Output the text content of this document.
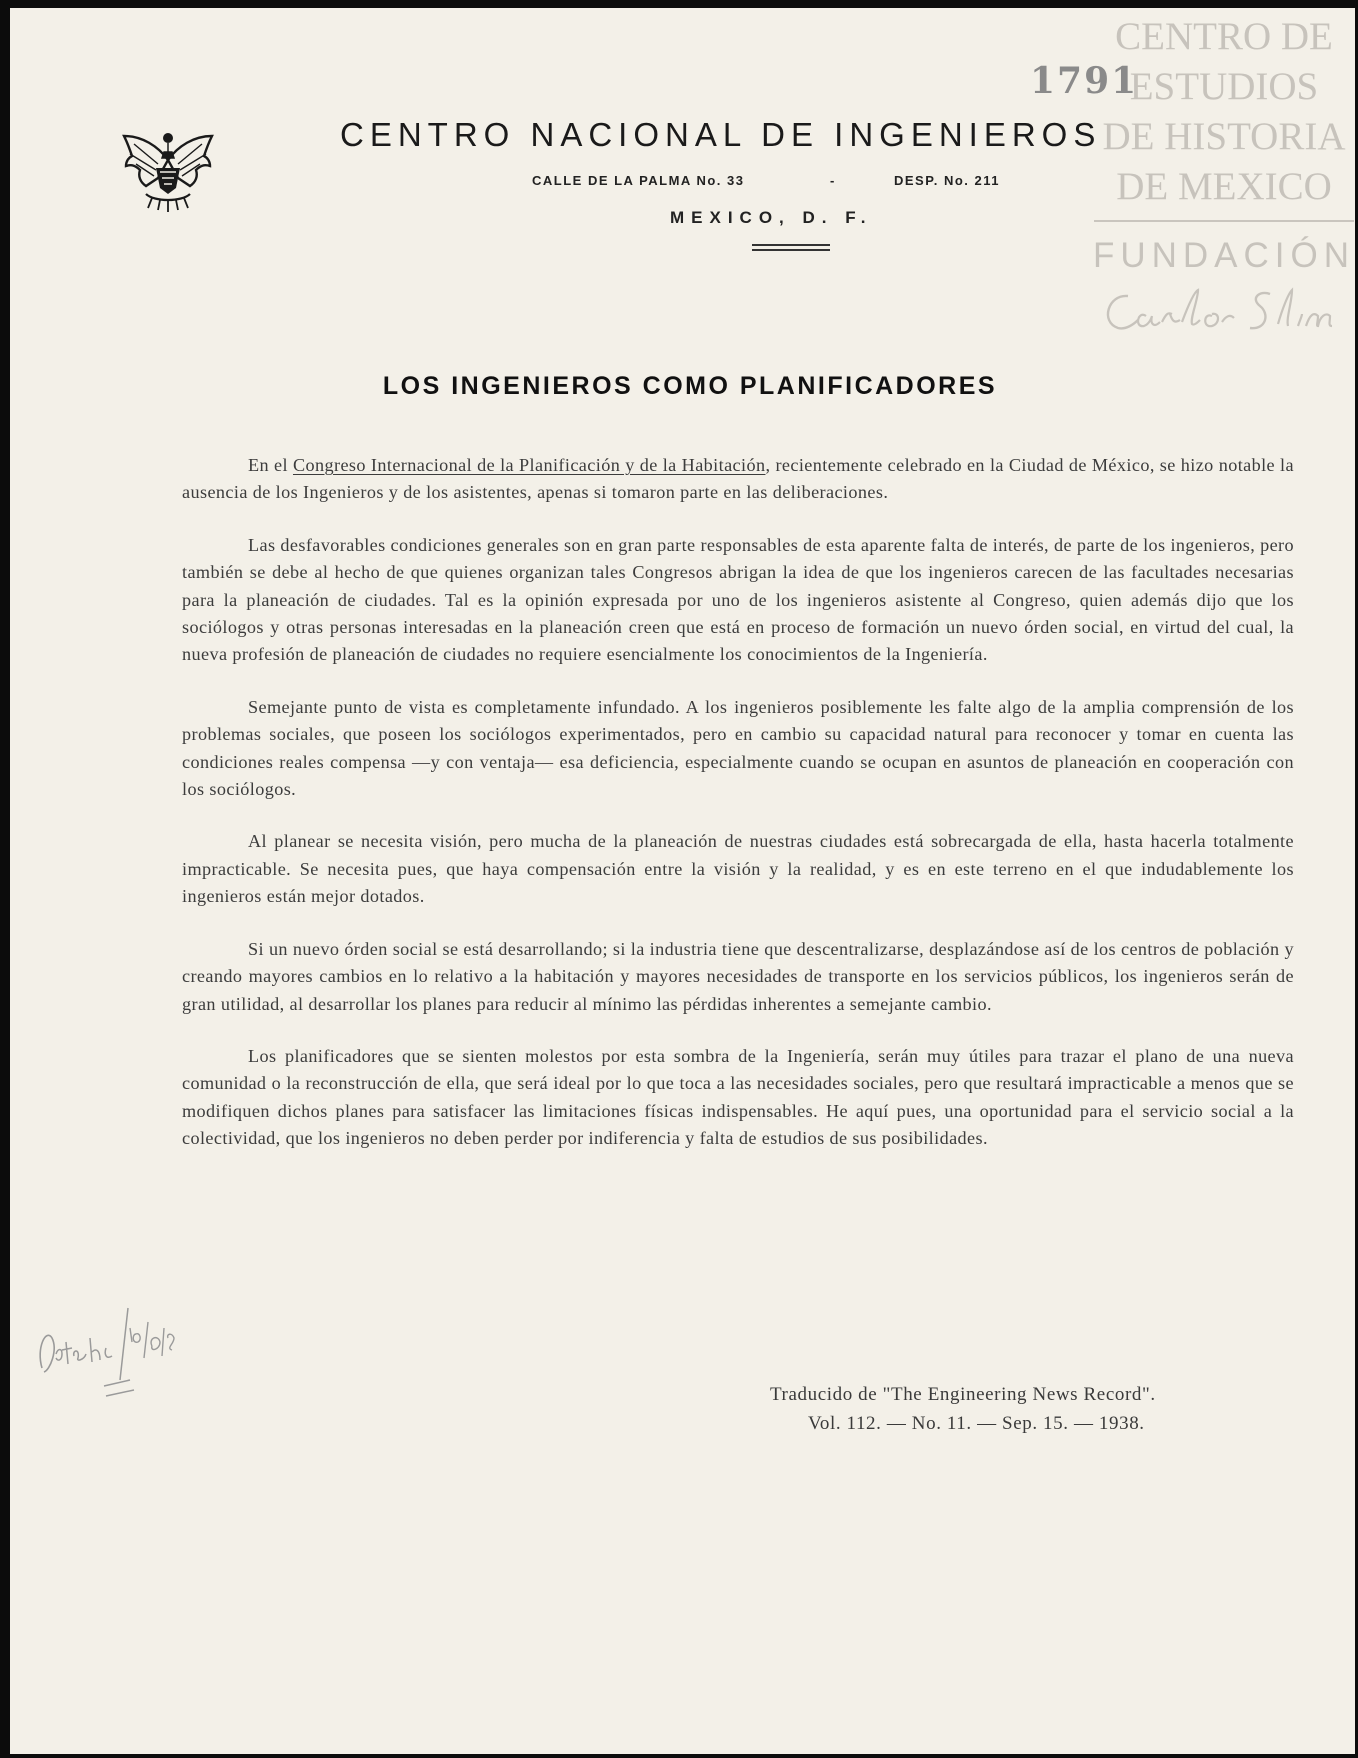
1791
CENTRO DE
ESTUDIOS
DE HISTORIA
DE MEXICO
FUNDACIÓN
CENTRO NACIONAL DE INGENIEROS
CALLE DE LA PALMA No. 33	-	DESP. No. 211
MEXICO, D. F.
LOS INGENIEROS COMO PLANIFICADORES

En el Congreso Internacional de la Planificación y de la Habitación, recientemente celebrado en la Ciudad de México, se hizo notable la ausencia de los Ingenieros y de los asistentes, apenas si tomaron parte en las deliberaciones.

Las desfavorables condiciones generales son en gran parte responsables de esta aparente falta de interés, de parte de los ingenieros, pero también se debe al hecho de que quienes organizan tales Congresos abrigan la idea de que los ingenieros carecen de las facultades necesarias para la planeación de ciudades. Tal es la opinión expresada por uno de los ingenieros asistente al Congreso, quien además dijo que los sociólogos y otras personas interesadas en la planeación creen que está en proceso de formación un nuevo órden social, en virtud del cual, la nueva profesión de planeación de ciudades no requiere esencialmente los conocimientos de la Ingeniería.

Semejante punto de vista es completamente infundado. A los ingenieros posiblemente les falte algo de la amplia comprensión de los problemas sociales, que poseen los sociólogos experimentados, pero en cambio su capacidad natural para reconocer y tomar en cuenta las condiciones reales compensa —y con ventaja— esa deficiencia, especialmente cuando se ocupan en asuntos de planeación en cooperación con los sociólogos.

Al planear se necesita visión, pero mucha de la planeación de nuestras ciudades está sobrecargada de ella, hasta hacerla totalmente impracticable. Se necesita pues, que haya compensación entre la visión y la realidad, y es en este terreno en el que indudablemente los ingenieros están mejor dotados.

Si un nuevo órden social se está desarrollando; si la industria tiene que descentralizarse, desplazándose así de los centros de población y creando mayores cambios en lo relativo a la habitación y mayores necesidades de transporte en los servicios públicos, los ingenieros serán de gran utilidad, al desarrollar los planes para reducir al mínimo las pérdidas inherentes a semejante cambio.

Los planificadores que se sienten molestos por esta sombra de la Ingeniería, serán muy útiles para trazar el plano de una nueva comunidad o la reconstrucción de ella, que será ideal por lo que toca a las necesidades sociales, pero que resultará impracticable a menos que se modifiquen dichos planes para satisfacer las limitaciones físicas indispensables. He aquí pues, una oportunidad para el servicio social a la colectividad, que los ingenieros no deben perder por indiferencia y falta de estudios de sus posibilidades.

Traducido de "The Engineering News Record".
Vol. 112. — No. 11. — Sep. 15. — 1938.
